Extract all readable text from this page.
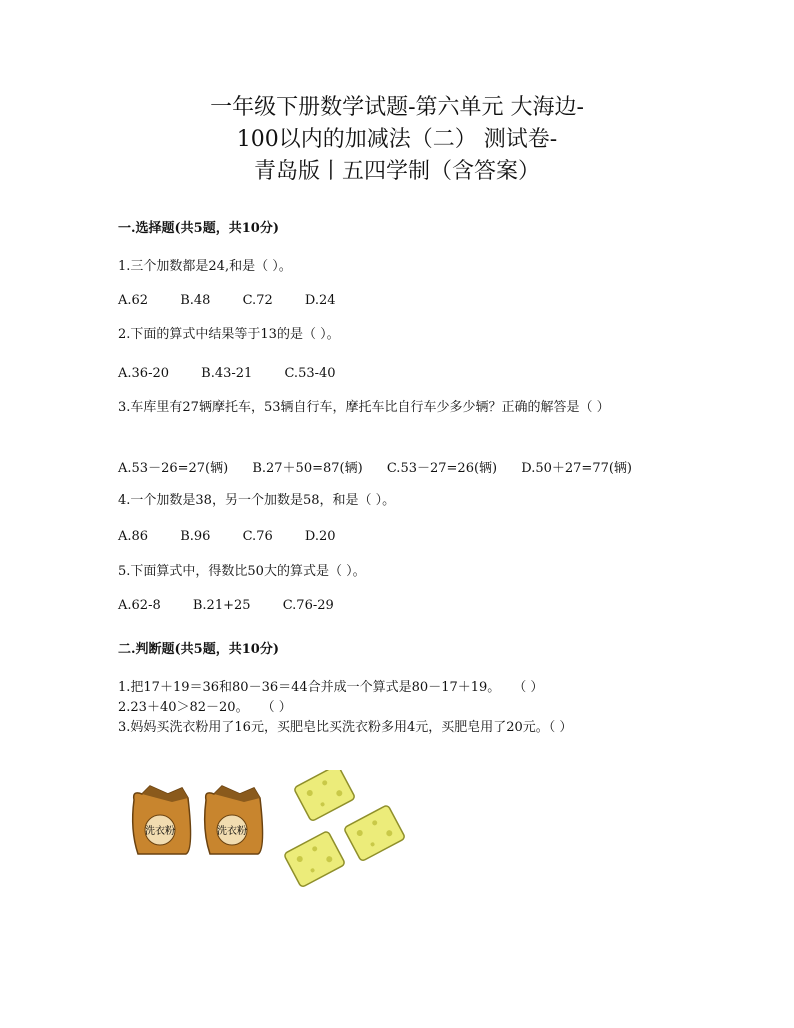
一年级下册数学试题-第六单元 大海边-
100以内的加减法（二） 测试卷-
青岛版丨五四学制（含答案）
一.选择题(共5题，共10分)
1.三个加数都是24,和是（ ）。
A.62 B.48 C.72 D.24
2.下面的算式中结果等于13的是（ ）。
A.36-20 B.43-21 C.53-40
3.车库里有27辆摩托车，53辆自行车，摩托车比自行车少多少辆？正确的解答是（ ）
A.53－26=27(辆) B.27＋50=87(辆) C.53－27=26(辆) D.50＋27=77(辆)
4.一个加数是38，另一个加数是58，和是（ ）。
A.86 B.96 C.76 D.20
5.下面算式中，得数比50大的算式是（ ）。
A.62-8 B.21+25 C.76-29
二.判断题(共5题，共10分)
1.把17＋19＝36和80－36＝44合并成一个算式是80－17＋19。　　（ ）
2.23＋40＞82－20。　　（ ）
3.妈妈买洗衣粉用了16元，买肥皂比买洗衣粉多用4元，买肥皂用了20元。（ ）
洗衣粉	洗衣粉
